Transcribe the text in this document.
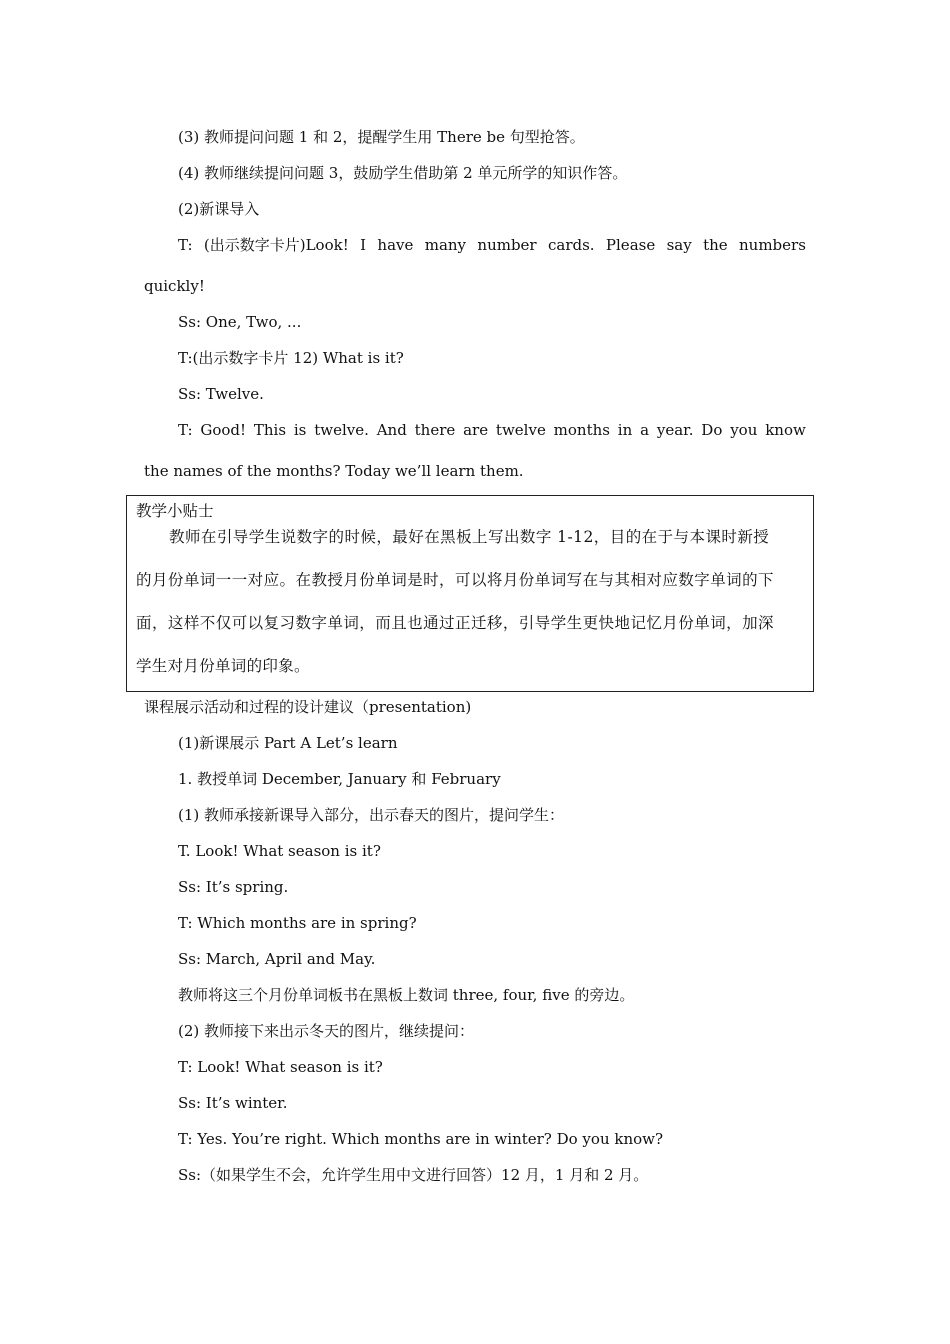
(3) 教师提问问题 1 和 2，提醒学生用 There be 句型抢答。
(4) 教师继续提问问题 3，鼓励学生借助第 2 单元所学的知识作答。
(2)新课导入
T: (出示数字卡片)Look! I have many number cards. Please say the numbers
quickly!
Ss: One, Two, ...
T:(出示数字卡片 12) What is it?
Ss: Twelve.
T: Good! This is twelve. And there are twelve months in a year. Do you know
the names of the months? Today we’ll learn them.
教学小贴士
教师在引导学生说数字的时候，最好在黑板上写出数字 1-12，目的在于与本课时新授
的月份单词一一对应。在教授月份单词是时，可以将月份单词写在与其相对应数字单词的下
面，这样不仅可以复习数字单词，而且也通过正迁移，引导学生更快地记忆月份单词，加深
学生对月份单词的印象。
课程展示活动和过程的设计建议（presentation)
(1)新课展示 Part A Let’s learn
1. 教授单词 December, January 和 February
(1) 教师承接新课导入部分，出示春天的图片，提问学生：
T. Look! What season is it?
Ss: It’s spring.
T: Which months are in spring?
Ss: March, April and May.
教师将这三个月份单词板书在黑板上数词 three, four, five 的旁边。
(2) 教师接下来出示冬天的图片，继续提问：
T: Look! What season is it?
Ss: It’s winter.
T: Yes. You’re right. Which months are in winter? Do you know?
Ss:（如果学生不会，允许学生用中文进行回答）12 月，1 月和 2 月。
